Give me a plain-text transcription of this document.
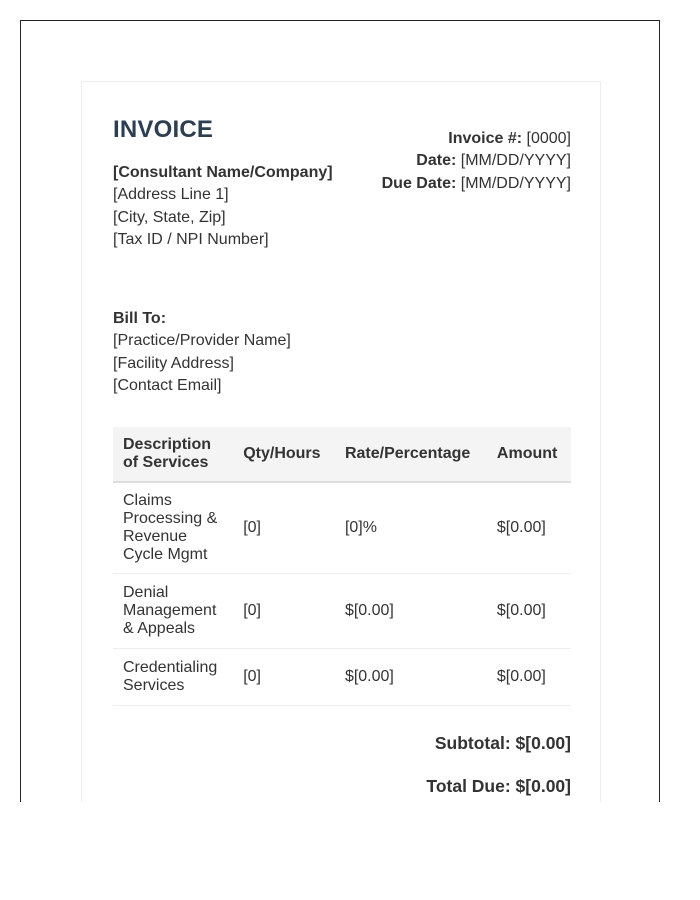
INVOICE
[Consultant Name/Company]
[Address Line 1]
[City, State, Zip]
[Tax ID / NPI Number]
Invoice #: [0000]
Date: [MM/DD/YYYY]
Due Date: [MM/DD/YYYY]
Bill To:
[Practice/Provider Name]
[Facility Address]
[Contact Email]
Description of Services	Qty/Hours	Rate/Percentage	Amount
Claims Processing & Revenue Cycle Mgmt	[0]	[0]%	$[0.00]
Denial Management & Appeals	[0]	$[0.00]	$[0.00]
Credentialing Services	[0]	$[0.00]	$[0.00]
Subtotal: $[0.00]
Total Due: $[0.00]
